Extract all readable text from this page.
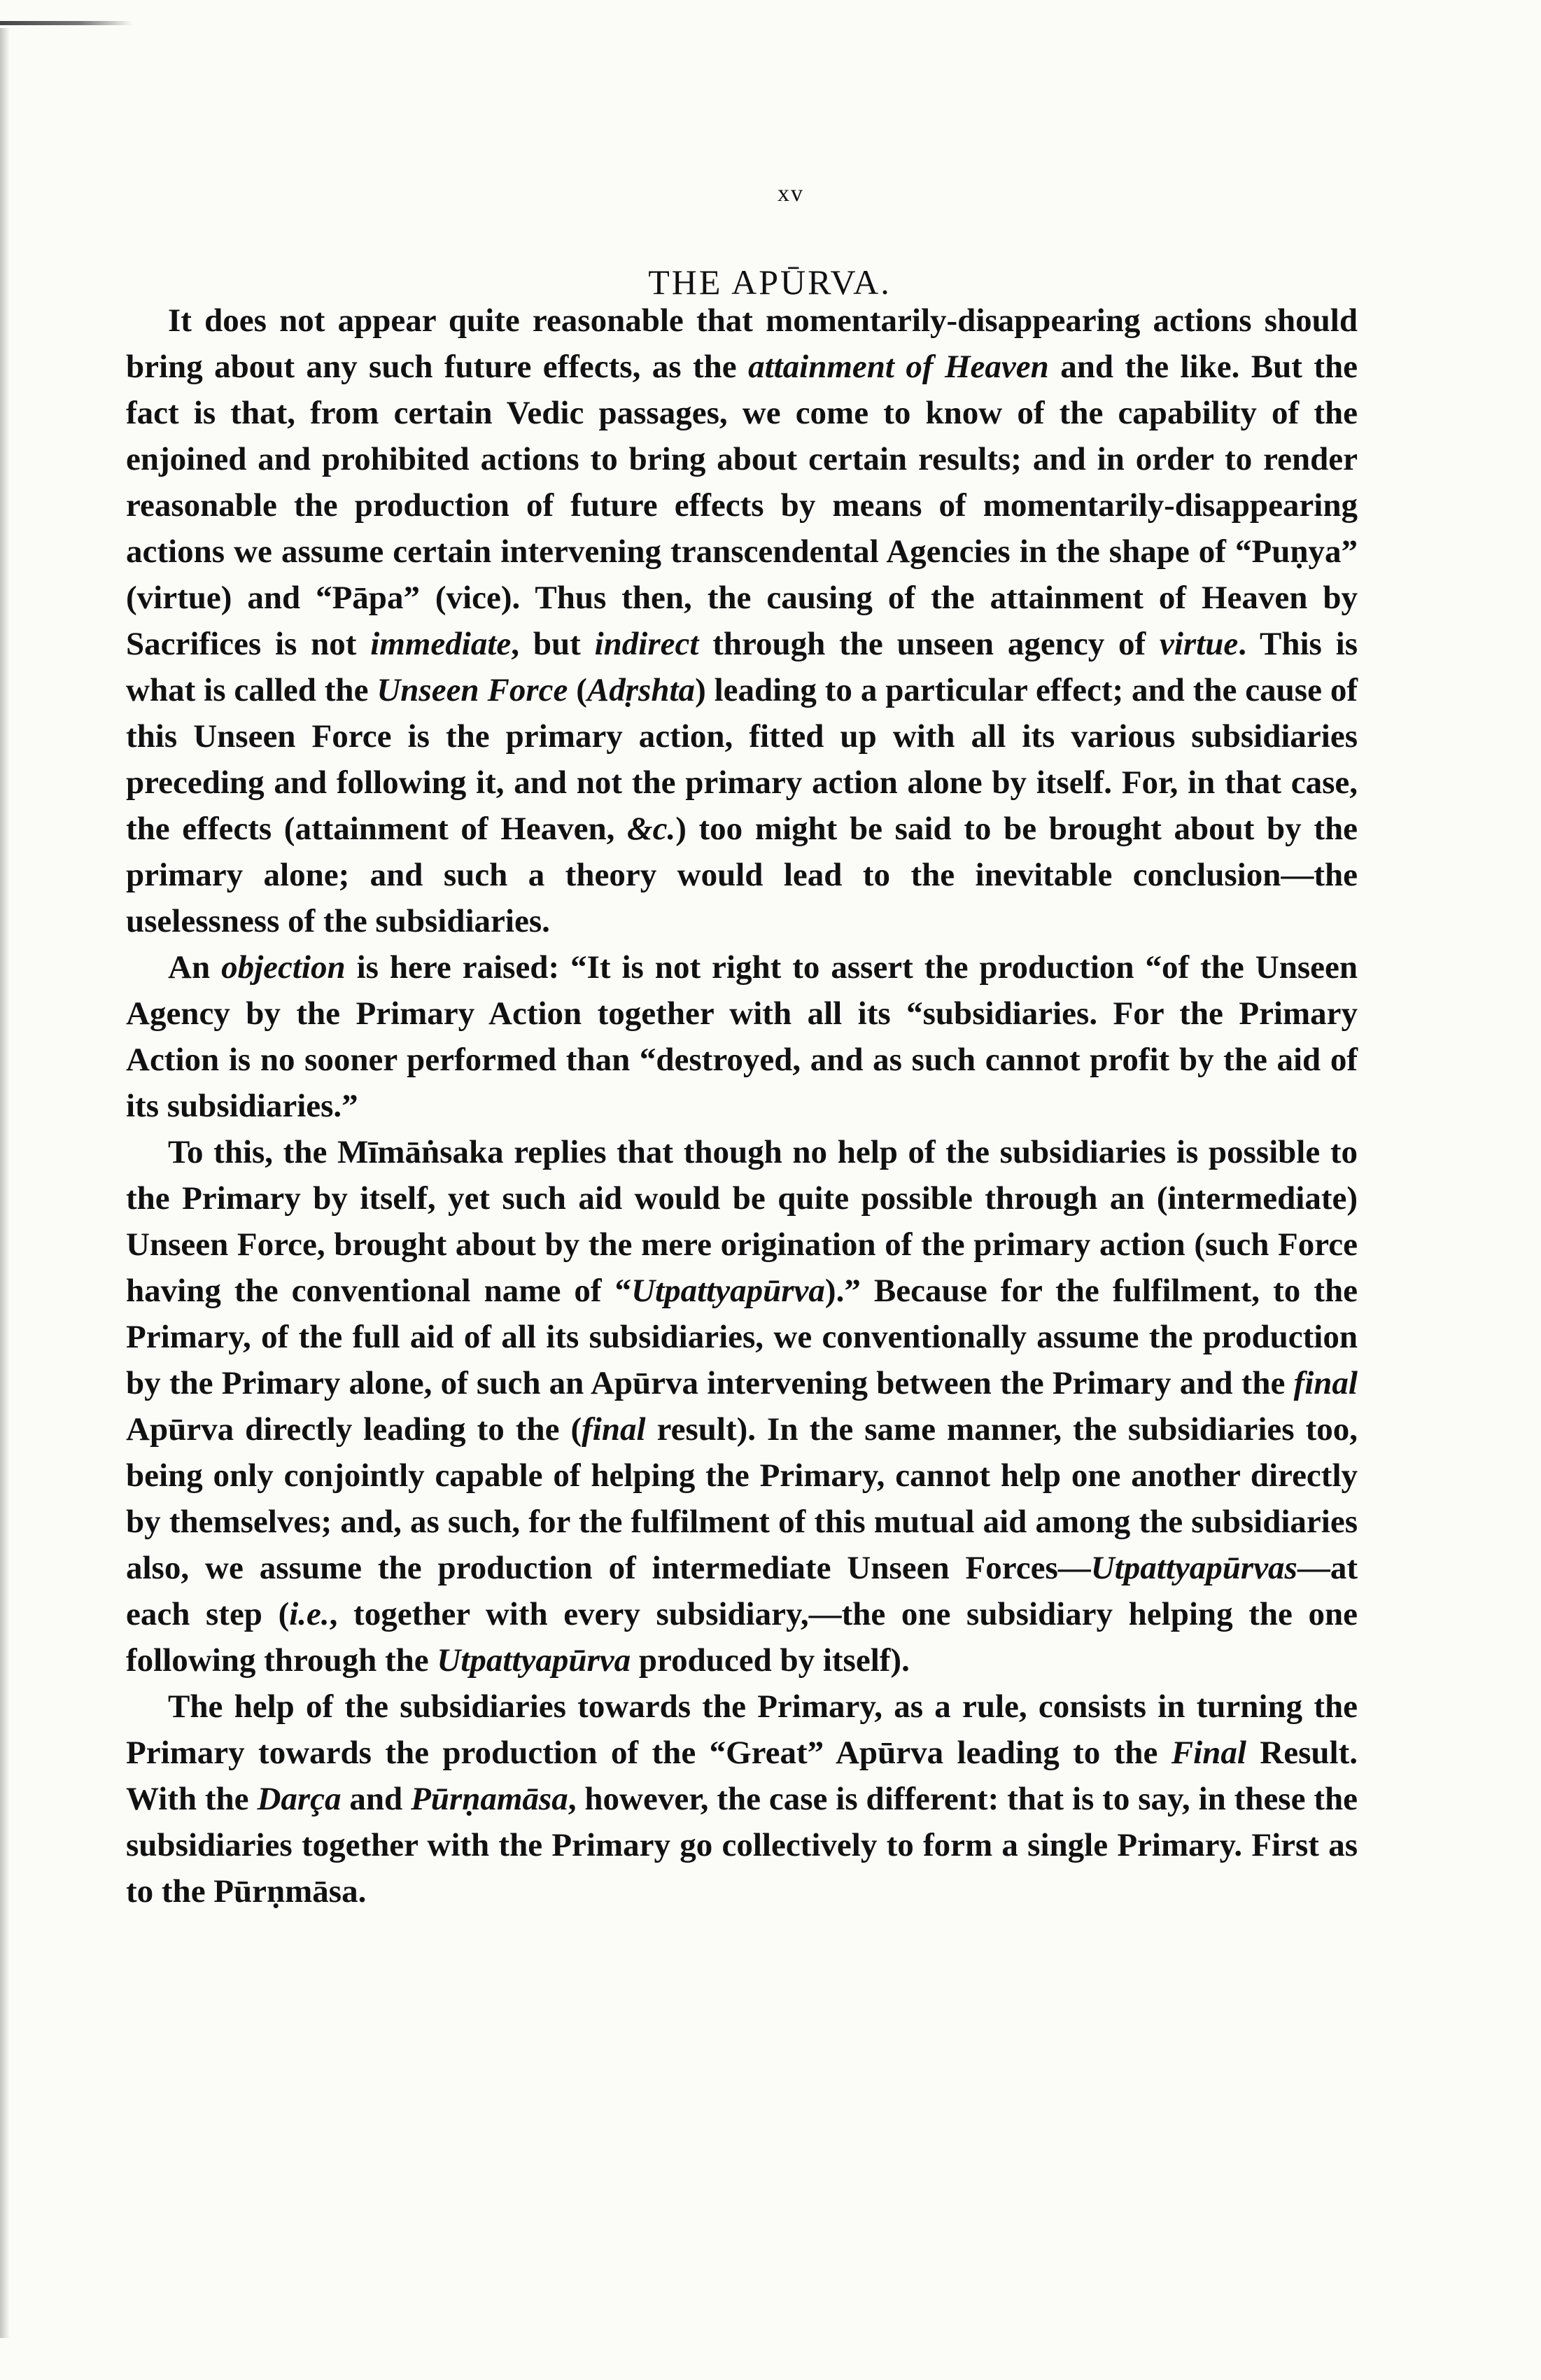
xv
THE APŪRVA.

It does not appear quite reasonable that momentarily-disappearing actions should bring about any such future effects, as the attainment of Heaven and the like. But the fact is that, from certain Vedic passages, we come to know of the capability of the enjoined and prohibited actions to bring about certain results; and in order to render reasonable the production of future effects by means of momentarily-disappearing actions we assume certain intervening transcendental Agencies in the shape of “Puṇya” (virtue) and “Pāpa” (vice). Thus then, the causing of the attainment of Heaven by Sacrifices is not immediate, but indirect through the unseen agency of virtue. This is what is called the Unseen Force (Adṛshta) leading to a particular effect; and the cause of this Unseen Force is the primary action, fitted up with all its various subsidiaries preceding and following it, and not the primary action alone by itself. For, in that case, the effects (attainment of Heaven, &c.) too might be said to be brought about by the primary alone; and such a theory would lead to the inevitable conclusion—the uselessness of the subsidiaries.

An objection is here raised: “It is not right to assert the production “of the Unseen Agency by the Primary Action together with all its “subsidiaries. For the Primary Action is no sooner performed than “destroyed, and as such cannot profit by the aid of its subsidiaries.”

To this, the Mīmāṅsaka replies that though no help of the subsidiaries is possible to the Primary by itself, yet such aid would be quite possible through an (intermediate) Unseen Force, brought about by the mere origination of the primary action (such Force having the conventional name of “Utpattyapūrva).” Because for the fulfilment, to the Primary, of the full aid of all its subsidiaries, we conventionally assume the production by the Primary alone, of such an Apūrva intervening between the Primary and the final Apūrva directly leading to the (final result). In the same manner, the subsidiaries too, being only conjointly capable of helping the Primary, cannot help one another directly by themselves; and, as such, for the fulfilment of this mutual aid among the subsidiaries also, we assume the production of intermediate Unseen Forces—Utpattyapūrvas—at each step (i.e., together with every subsidiary,—the one subsidiary helping the one following through the Utpattyapūrva produced by itself).

The help of the subsidiaries towards the Primary, as a rule, consists in turning the Primary towards the production of the “Great” Apūrva leading to the Final Result. With the Darça and Pūrṇamāsa, however, the case is different: that is to say, in these the subsidiaries together with the Primary go collectively to form a single Primary. First as to the Pūrṇmāsa.
